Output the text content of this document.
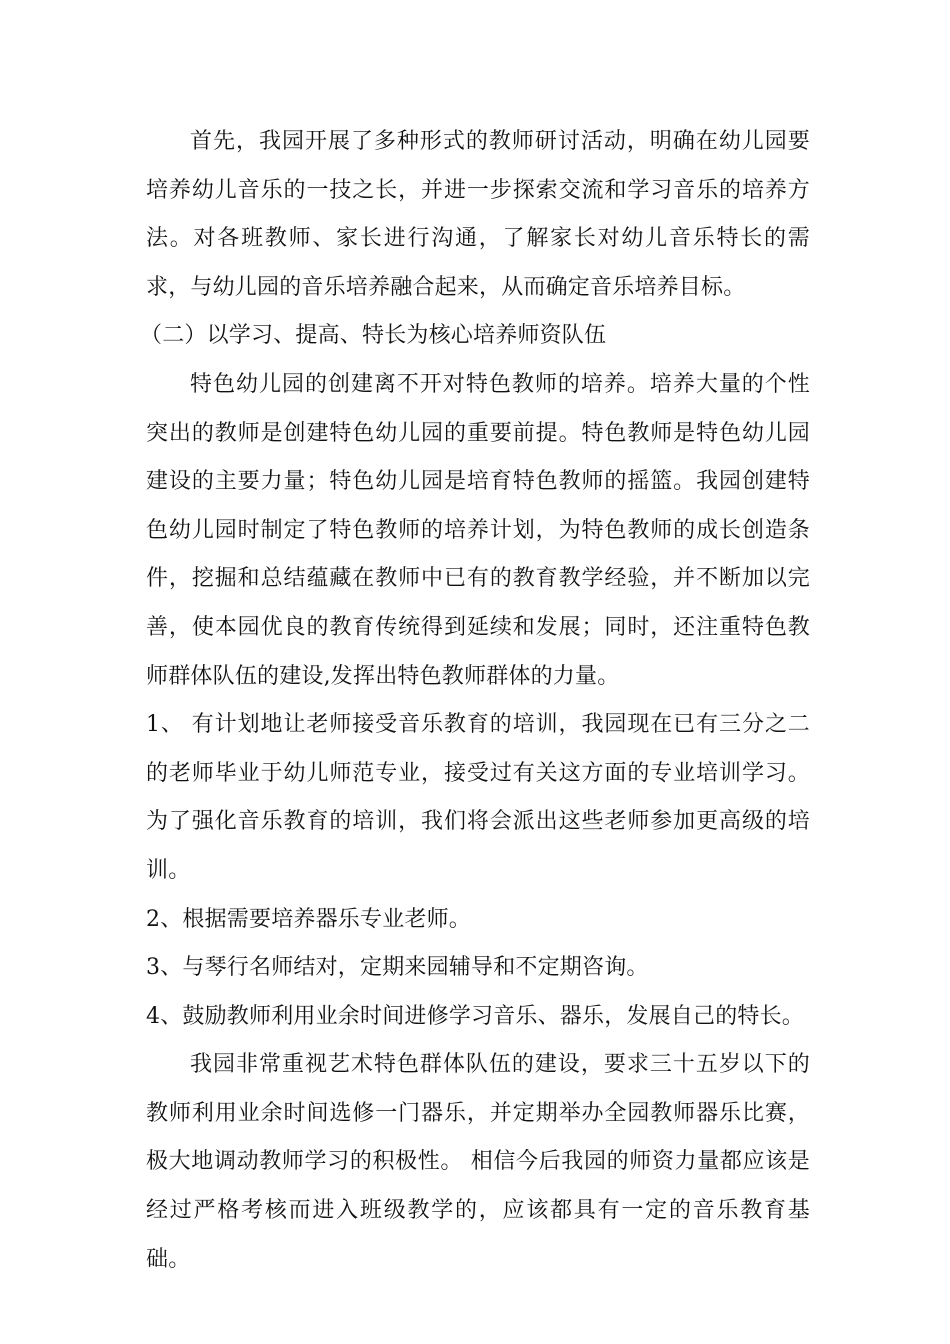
首先，我园开展了多种形式的教师研讨活动，明确在幼儿园要培养幼儿音乐的一技之长，并进一步探索交流和学习音乐的培养方法。对各班教师、家长进行沟通，了解家长对幼儿音乐特长的需求，与幼儿园的音乐培养融合起来，从而确定音乐培养目标。

（二）以学习、提高、特长为核心培养师资队伍

特色幼儿园的创建离不开对特色教师的培养。培养大量的个性突出的教师是创建特色幼儿园的重要前提。特色教师是特色幼儿园建设的主要力量；特色幼儿园是培育特色教师的摇篮。我园创建特色幼儿园时制定了特色教师的培养计划，为特色教师的成长创造条件，挖掘和总结蕴藏在教师中已有的教育教学经验，并不断加以完善，使本园优良的教育传统得到延续和发展；同时，还注重特色教师群体队伍的建设,发挥出特色教师群体的力量。

1、 有计划地让老师接受音乐教育的培训，我园现在已有三分之二的老师毕业于幼儿师范专业，接受过有关这方面的专业培训学习。为了强化音乐教育的培训，我们将会派出这些老师参加更高级的培训。

2、根据需要培养器乐专业老师。

3、与琴行名师结对，定期来园辅导和不定期咨询。

4、鼓励教师利用业余时间进修学习音乐、器乐，发展自己的特长。

我园非常重视艺术特色群体队伍的建设，要求三十五岁以下的教师利用业余时间选修一门器乐，并定期举办全园教师器乐比赛，极大地调动教师学习的积极性。 相信今后我园的师资力量都应该是经过严格考核而进入班级教学的，应该都具有一定的音乐教育基础。
